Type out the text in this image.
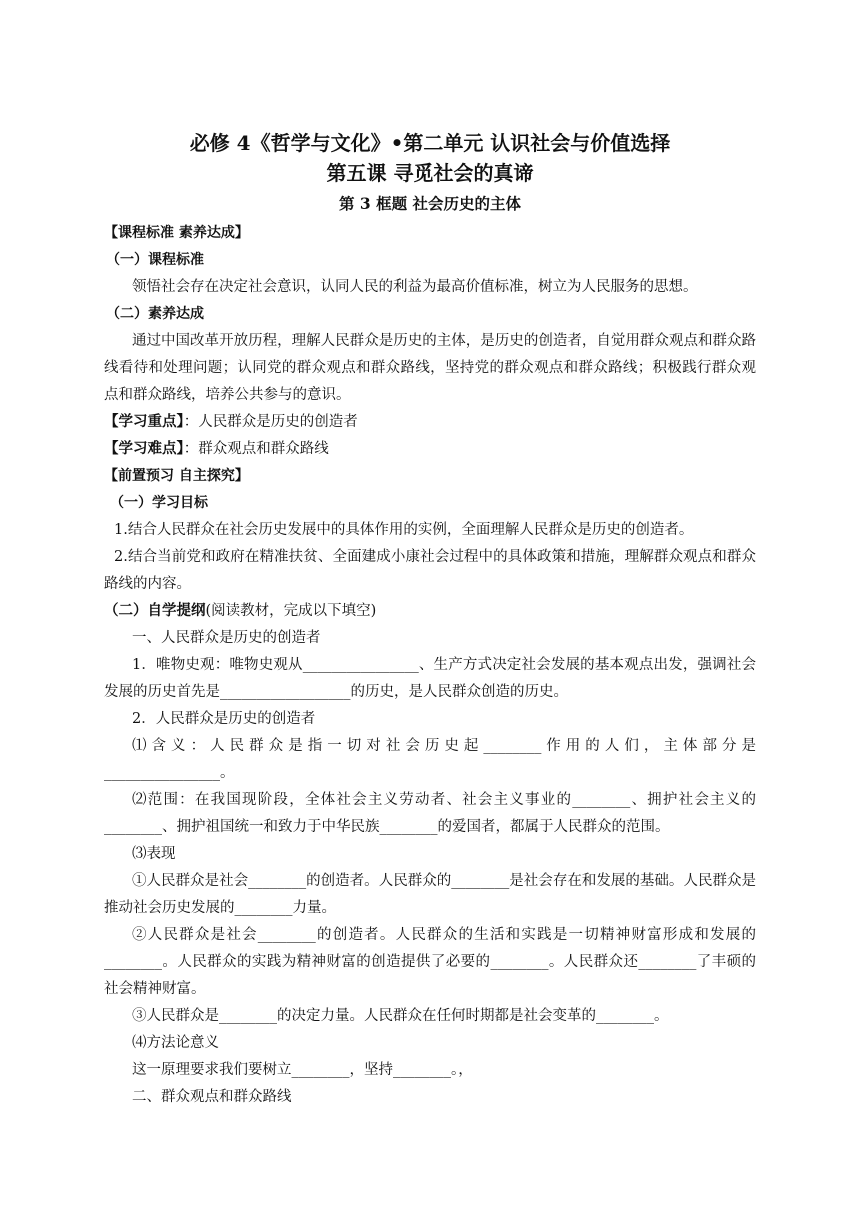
必修 4《哲学与文化》•第二单元 认识社会与价值选择

第五课 寻觅社会的真谛

第 3 框题 社会历史的主体

【课程标准 素养达成】

（一）课程标准

领悟社会存在决定社会意识，认同人民的利益为最高价值标准，树立为人民服务的思想。

（二）素养达成

通过中国改革开放历程，理解人民群众是历史的主体，是历史的创造者，自觉用群众观点和群众路线看待和处理问题；认同党的群众观点和群众路线，坚持党的群众观点和群众路线；积极践行群众观点和群众路线，培养公共参与的意识。

【学习重点】：人民群众是历史的创造者

【学习难点】：群众观点和群众路线

【前置预习 自主探究】

（一）学习目标

1.结合人民群众在社会历史发展中的具体作用的实例，全面理解人民群众是历史的创造者。

2.结合当前党和政府在精准扶贫、全面建成小康社会过程中的具体政策和措施，理解群众观点和群众路线的内容。

（二）自学提纲(阅读教材，完成以下填空)

一、人民群众是历史的创造者

1．唯物史观：唯物史观从________________、生产方式决定社会发展的基本观点出发，强调社会发展的历史首先是__________________的历史，是人民群众创造的历史。

2．人民群众是历史的创造者

⑴ 含 义 ： 人 民 群 众 是 指 一 切 对 社 会 历 史 起 ________ 作 用 的 人 们 ， 主 体 部 分 是

________________。

⑵范围：在我国现阶段，全体社会主义劳动者、社会主义事业的________、拥护社会主义的________、拥护祖国统一和致力于中华民族________的爱国者，都属于人民群众的范围。

⑶表现

①人民群众是社会________的创造者。人民群众的________是社会存在和发展的基础。人民群众是推动社会历史发展的________力量。

②人民群众是社会________的创造者。人民群众的生活和实践是一切精神财富形成和发展的________。人民群众的实践为精神财富的创造提供了必要的________。人民群众还________了丰硕的社会精神财富。

③人民群众是________的决定力量。人民群众在任何时期都是社会变革的________。

⑷方法论意义

这一原理要求我们要树立________，坚持________。，

二、群众观点和群众路线
